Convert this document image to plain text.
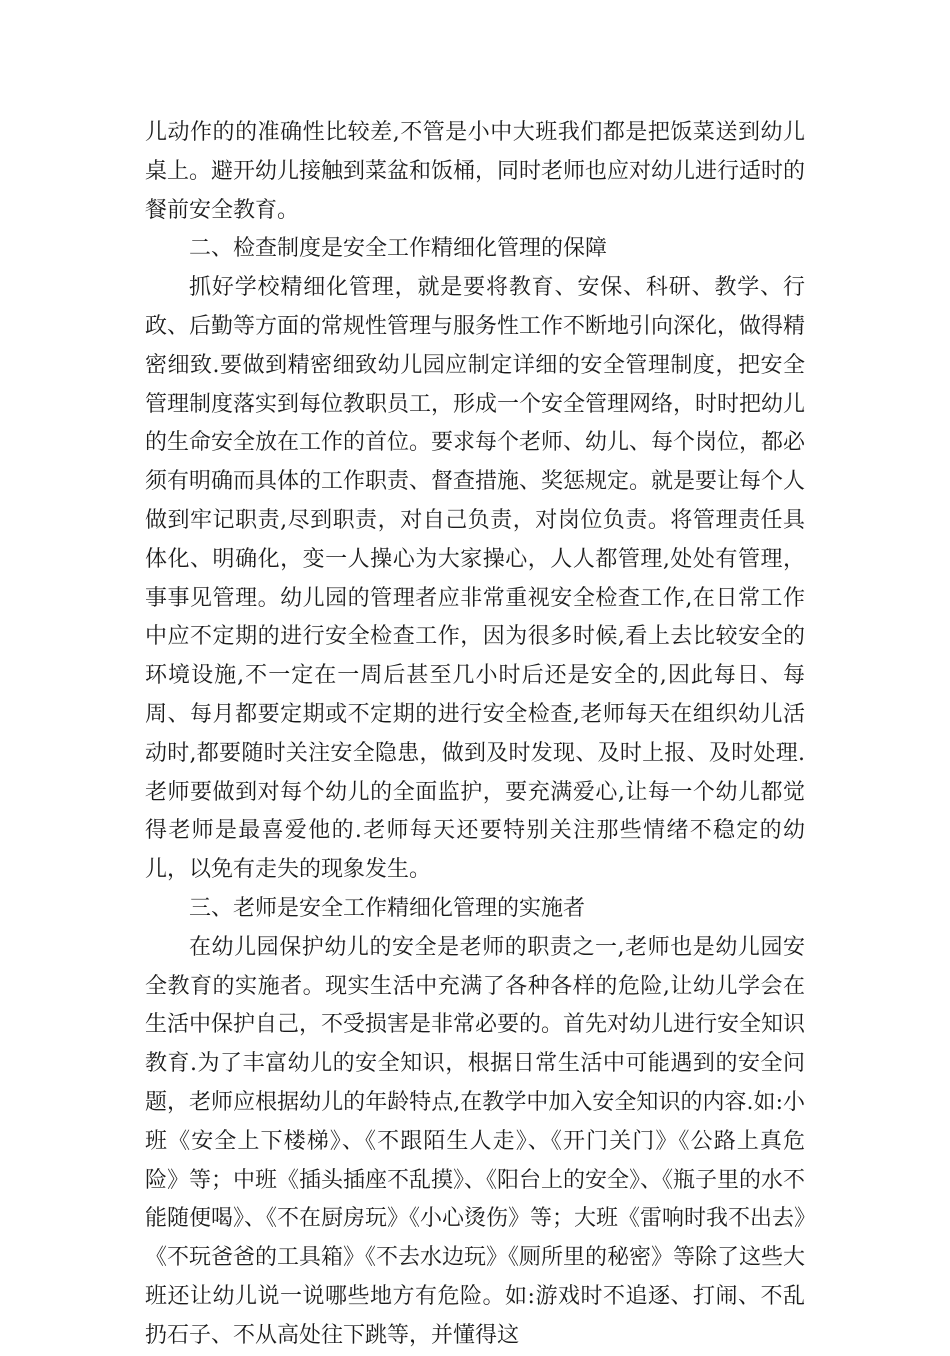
儿动作的的准确性比较差,不管是小中大班我们都是把饭菜送到幼儿桌上。避开幼儿接触到菜盆和饭桶，同时老师也应对幼儿进行适时的餐前安全教育。

二、检查制度是安全工作精细化管理的保障

抓好学校精细化管理，就是要将教育、安保、科研、教学、行政、后勤等方面的常规性管理与服务性工作不断地引向深化，做得精密细致.要做到精密细致幼儿园应制定详细的安全管理制度，把安全管理制度落实到每位教职员工，形成一个安全管理网络，时时把幼儿的生命安全放在工作的首位。要求每个老师、幼儿、每个岗位，都必须有明确而具体的工作职责、督查措施、奖惩规定。就是要让每个人做到牢记职责,尽到职责，对自己负责，对岗位负责。将管理责任具体化、明确化，变一人操心为大家操心，人人都管理,处处有管理，事事见管理。幼儿园的管理者应非常重视安全检查工作,在日常工作中应不定期的进行安全检查工作，因为很多时候,看上去比较安全的环境设施,不一定在一周后甚至几小时后还是安全的,因此每日、每周、每月都要定期或不定期的进行安全检查,老师每天在组织幼儿活动时,都要随时关注安全隐患，做到及时发现、及时上报、及时处理.老师要做到对每个幼儿的全面监护，要充满爱心,让每一个幼儿都觉得老师是最喜爱他的.老师每天还要特别关注那些情绪不稳定的幼儿，以免有走失的现象发生。

三、老师是安全工作精细化管理的实施者

在幼儿园保护幼儿的安全是老师的职责之一,老师也是幼儿园安全教育的实施者。现实生活中充满了各种各样的危险,让幼儿学会在生活中保护自己，不受损害是非常必要的。首先对幼儿进行安全知识教育.为了丰富幼儿的安全知识，根据日常生活中可能遇到的安全问题，老师应根据幼儿的年龄特点,在教学中加入安全知识的内容.如:小班《安全上下楼梯》、《不跟陌生人走》、《开门关门》《公路上真危险》等；中班《插头插座不乱摸》、《阳台上的安全》、《瓶子里的水不能随便喝》、《不在厨房玩》《小心烫伤》等；大班《雷响时我不出去》《不玩爸爸的工具箱》《不去水边玩》《厕所里的秘密》等除了这些大班还让幼儿说一说哪些地方有危险。如:游戏时不追逐、打闹、不乱扔石子、不从高处往下跳等，并懂得这
